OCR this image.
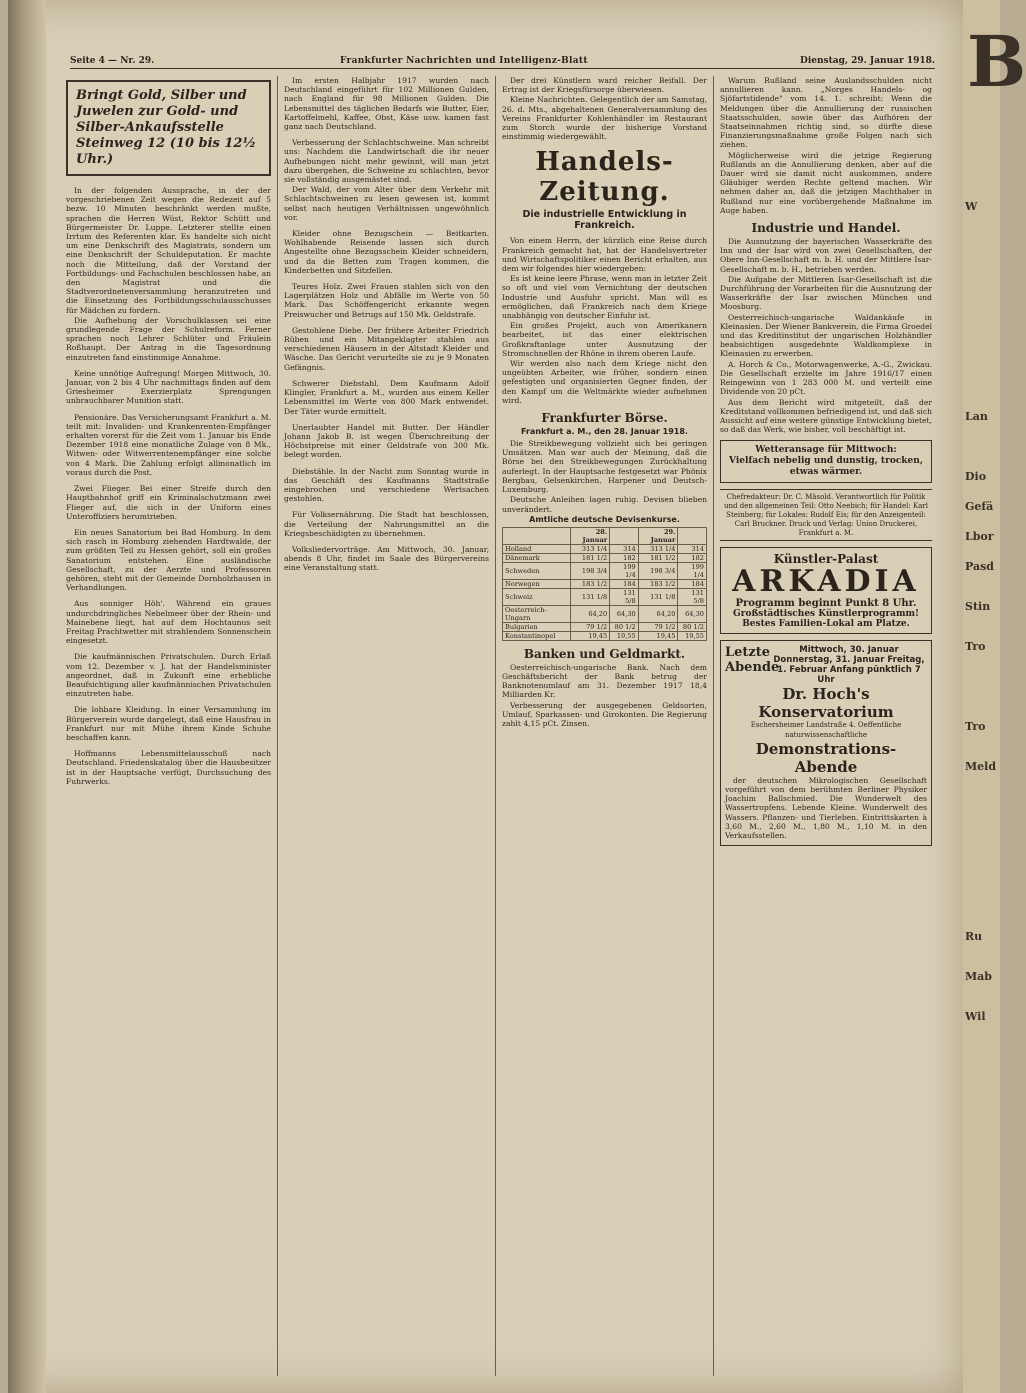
Seite 4 — Nr. 29.	Frankfurter Nachrichten und Intelligenz-Blatt	Dienstag, 29. Januar 1918.
Bringt Gold, Silber und Juwelen zur Gold- und Silber-Ankaufsstelle Steinweg 12 (10 bis 12½ Uhr.)

In der folgenden Aussprache, in der der vorgeschriebenen Zeit wegen die Redezeit auf 5 bezw. 10 Minuten beschränkt werden mußte, sprachen die Herren Wüst, Rektor Schütt und Bürgermeister Dr. Luppe. Letzterer stellte einen Irrtum des Referenten klar. Es handelte sich nicht um eine Denkschrift des Magistrats, sondern um eine Denkschrift der Schuldeputation. Er machte noch die Mitteilung, daß der Vorstand der Fortbildungs- und Fachschulen beschlossen habe, an den Magistrat und die Stadtverordnetenversammlung heranzutreten und die Einsetzung des Fortbildungsschulausschusses für Mädchen zu fordern.

Die Aufhebung der Vorschulklassen sei eine grundlegende Frage der Schulreform. Ferner sprachen noch Lehrer Schlüter und Fräulein Roßhaupt. Der Antrag in die Tagesordnung einzutreten fand einstimmige Annahme.

Keine unnötige Aufregung! Morgen Mittwoch, 30. Januar, von 2 bis 4 Uhr nachmittags finden auf dem Griesheimer Exerzierplatz Sprengungen unbrauchbarer Munition statt.

Pensionäre. Das Versicherungsamt Frankfurt a. M. teilt mit: Invaliden- und Krankenrenten-Empfänger erhalten vorerst für die Zeit vom 1. Januar bis Ende Dezember 1918 eine monatliche Zulage von 8 Mk., Witwen- oder Witwerrentenempfänger eine solche von 4 Mark. Die Zahlung erfolgt allmonatlich im voraus durch die Post.

Zwei Flieger. Bei einer Streife durch den Hauptbahnhof griff ein Kriminalschutzmann zwei Flieger auf, die sich in der Uniform eines Unteroffiziers herumtrieben.

Ein neues Sanatorium bei Bad Homburg. In dem sich rasch in Homburg ziehenden Hardtwalde, der zum größten Teil zu Hessen gehört, soll ein großes Sanatorium entstehen. Eine ausländische Gesellschaft, zu der Aerzte und Professoren gehören, steht mit der Gemeinde Dornholzhausen in Verhandlungen.

Aus sonniger Höh'. Während ein graues undurchdringliches Nebelmeer über der Rhein- und Mainebene liegt, hat auf dem Hochtaunus seit Freitag Prachtwetter mit strahlendem Sonnenschein eingesetzt.

Die kaufmännischen Privatschulen. Durch Erlaß vom 12. Dezember v. J. hat der Handelsminister angeordnet, daß in Zukunft eine erhebliche Beaufsichtigung aller kaufmännischen Privatschulen einzutreten habe.

Die lohbare Kleidung. In einer Versammlung im Bürgerverein wurde dargelegt, daß eine Hausfrau in Frankfurt nur mit Mühe ihrem Kinde Schuhe beschaffen kann.

Hoffmanns Lebensmittelausschuß nach Deutschland. Friedenskatalog über die Hausbesitzer ist in der Hauptsache verfügt, Durchsuchung des Fuhrwerks.

Im ersten Halbjahr 1917 wurden nach Deutschland eingeführt für 102 Millionen Gulden, nach England für 98 Millionen Gulden. Die Lebensmittel des täglichen Bedarfs wie Butter, Eier, Kartoffelmehl, Kaffee, Obst, Käse usw. kamen fast ganz nach Deutschland.

Verbesserung der Schlachtschweine. Man schreibt uns: Nachdem die Landwirtschaft die ihr neuer Aufhebungen nicht mehr gewinnt, will man jetzt dazu übergehen, die Schweine zu schlachten, bevor sie vollständig ausgemästet sind.

Der Wald, der vom Alter über dem Verkehr mit Schlachtschweinen zu lesen gewesen ist, kommt selbst nach heutigen Verhältnissen ungewöhnlich vor.

Kleider ohne Bezugschein — Beitkarten. Wohlhabende Reisende lassen sich durch Angestellte ohne Bezugsschein Kleider schneidern, und da die Betten zum Tragen kommen, die Kinderbetten und Sitzfellen.

Teures Holz. Zwei Frauen stahlen sich von den Lagerplätzen Holz und Abfälle im Werte von 50 Mark. Das Schöffengericht erkannte wegen Preiswucher und Betrugs auf 150 Mk. Geldstrafe.

Gestohlene Diebe. Der frühere Arbeiter Friedrich Rüben und ein Mitangeklagter stahlen aus verschiedenen Häusern in der Altstadt Kleider und Wäsche. Das Gericht verurteilte sie zu je 9 Monaten Gefängnis.

Schwerer Diebstahl. Dem Kaufmann Adolf Klingler, Frankfurt a. M., wurden aus einem Keller Lebensmittel im Werte von 800 Mark entwendet. Der Täter wurde ermittelt.

Unerlaubter Handel mit Butter. Der Händler Johann Jakob B. ist wegen Überschreitung der Höchstpreise mit einer Geldstrafe von 300 Mk. belegt worden.

Diebstähle. In der Nacht zum Sonntag wurde in das Geschäft des Kaufmanns Stadtstraße eingebrochen und verschiedene Wertsachen gestohlen.

Für Volksernährung. Die Stadt hat beschlossen, die Verteilung der Nahrungsmittel an die Kriegsbeschädigten zu übernehmen.

Volksliedervorträge. Am Mittwoch, 30. Januar, abends 8 Uhr, findet im Saale des Bürgervereins eine Veranstaltung statt.

Der drei Künstlern ward reicher Beifall. Der Ertrag ist der Kriegsfürsorge überwiesen.

Kleine Nachrichten. Gelegentlich der am Samstag, 26. d. Mts., abgehaltenen Generalversammlung des Vereins Frankfurter Kohlenhändler im Restaurant zum Storch wurde der bisherige Vorstand einstimmig wiedergewählt.

Handels-Zeitung.
Die industrielle Entwicklung in Frankreich.

Von einem Herrn, der kürzlich eine Reise durch Frankreich gemacht hat, hat der Handelsvertreter und Wirtschaftspolitiker einen Bericht erhalten, aus dem wir folgendes hier wiedergeben:

Es ist keine leere Phrase, wenn man in letzter Zeit so oft und viel vom Vernichtung der deutschen Industrie und Ausfuhr spricht. Man will es ermöglichen, daß Frankreich nach dem Kriege unabhängig von deutscher Einfuhr ist.

Ein großes Projekt, auch von Amerikanern bearbeitet, ist das einer elektrischen Großkraftanlage unter Ausnutzung der Stromschnellen der Rhône in ihrem oberen Laufe.

Wir werden also nach dem Kriege nicht den ungeübten Arbeiter, wie früher, sondern einen gefestigten und organisierten Gegner finden, der den Kampf um die Weltmärkte wieder aufnehmen wird.

Frankfurter Börse.
Frankfurt a. M., den 28. Januar 1918.

Die Streikbewegung vollzieht sich bei geringen Umsätzen. Man war auch der Meinung, daß die Börse bei den Streikbewegungen Zurückhaltung auferlegt. In der Hauptsache festgesetzt war Phönix Bergbau, Gelsenkirchen, Harpener und Deutsch-Luxemburg.

Deutsche Anleihen lagen ruhig. Devisen blieben unverändert.

Amtliche deutsche Devisenkurse.
	28. Januar		29. Januar	
Holland	313 1/4	314	313 1/4	314
Dänemark	181 1/2	182	181 1/2	182
Schweden	198 3/4	199 1/4	198 3/4	199 1/4
Norwegen	183 1/2	184	183 1/2	184
Schweiz	131 1/8	131 5/8	131 1/8	131 5/8
Oesterreich-Ungarn	64,20	64,30	64,20	64,30
Bulgarien	79 1/2	80 1/2	79 1/2	80 1/2
Konstantinopel	19,45	19,55	19,45	19,55
Banken und Geldmarkt.

Oesterreichisch-ungarische Bank. Nach dem Geschäftsbericht der Bank betrug der Banknotenumlauf am 31. Dezember 1917 18,4 Milliarden Kr.

Verbesserung der ausgegebenen Geldsorten, Umlauf, Sparkassen- und Girokonten. Die Regierung zahlt 4,15 pCt. Zinsen.

Warum Rußland seine Auslandsschulden nicht annullieren kann. „Norges Handels- og Sjöfartstidende" vom 14. 1. schreibt: Wenn die Meldungen über die Annullierung der russischen Staatsschulden, sowie über das Aufhören der Staatseinnahmen richtig sind, so dürfte diese Finanzierungsmaßnahme große Folgen nach sich ziehen.

Möglicherweise wird die jetzige Regierung Rußlands an die Annullierung denken, aber auf die Dauer wird sie damit nicht auskommen, andere Gläubiger werden Rechte geltend machen. Wir nehmen daher an, daß die jetzigen Machthaber in Rußland nur eine vorübergehende Maßnahme im Auge haben.

Industrie und Handel.

Die Ausnutzung der bayerischen Wasserkräfte des Inn und der Isar wird von zwei Gesellschaften, der Obere Inn-Gesellschaft m. b. H. und der Mittlere Isar-Gesellschaft m. b. H., betrieben werden.

Die Aufgabe der Mittleren Isar-Gesellschaft ist die Durchführung der Vorarbeiten für die Ausnutzung der Wasserkräfte der Isar zwischen München und Moosburg.

Oesterreichisch-ungarische Waldankäufe in Kleinasien. Der Wiener Bankverein, die Firma Groedel und das Kreditinstitut der ungarischen Holzhändler beabsichtigen ausgedehnte Waldkomplexe in Kleinasien zu erwerben.

A. Horch & Co., Motorwagenwerke, A.-G., Zwickau. Die Gesellschaft erzielte im Jahre 1916/17 einen Reingewinn von 1 283 000 M. und verteilt eine Dividende von 20 pCt.

Aus dem Bericht wird mitgeteilt, daß der Kreditstand vollkommen befriedigend ist, und daß sich Aussicht auf eine weitere günstige Entwicklung bietet, so daß das Werk, wie bisher, voll beschäftigt ist.

Wetteransage für Mittwoch:
Vielfach nebelig und dunstig, trocken, etwas wärmer.
Chefredakteur: Dr. C. Mäsold. Verantwortlich für Politik und den allgemeinen Teil: Otto Neebich; für Handel: Karl Steinberg; für Lokales: Rudolf Eis; für den Anzeigenteil: Carl Bruckner. Druck und Verlag: Union Druckerei, Frankfurt a. M.
Künstler-Palast
ARKADIA
Programm beginnt Punkt 8 Uhr.
Großstädtisches Künstlerprogramm!
Bestes Familien-Lokal am Platze.
Letzte Abende
Mittwoch, 30. Januar Donnerstag, 31. Januar Freitag, 1. Februar Anfang pünktlich 7 Uhr
Dr. Hoch's Konservatorium
Eschersheimer Landstraße 4. Oeffentliche naturwissenschaftliche
Demonstrations-Abende

der deutschen Mikrologischen Gesellschaft vorgeführt von dem berühmten Berliner Physiker Joachim Ballschmied. Die Wunderwelt des Wassertropfens. Lebende Kleine. Wunderwelt des Wassers. Pflanzen- und Tierleben. Eintrittskarten à 3,60 M., 2,60 M., 1,80 M., 1,10 M. in den Verkaufsstellen.

B
W
Lan
Dio
Gefä
Lbor
Pasd
Stin
Tro
Tro
Meld
Ru
Mab
Wil
